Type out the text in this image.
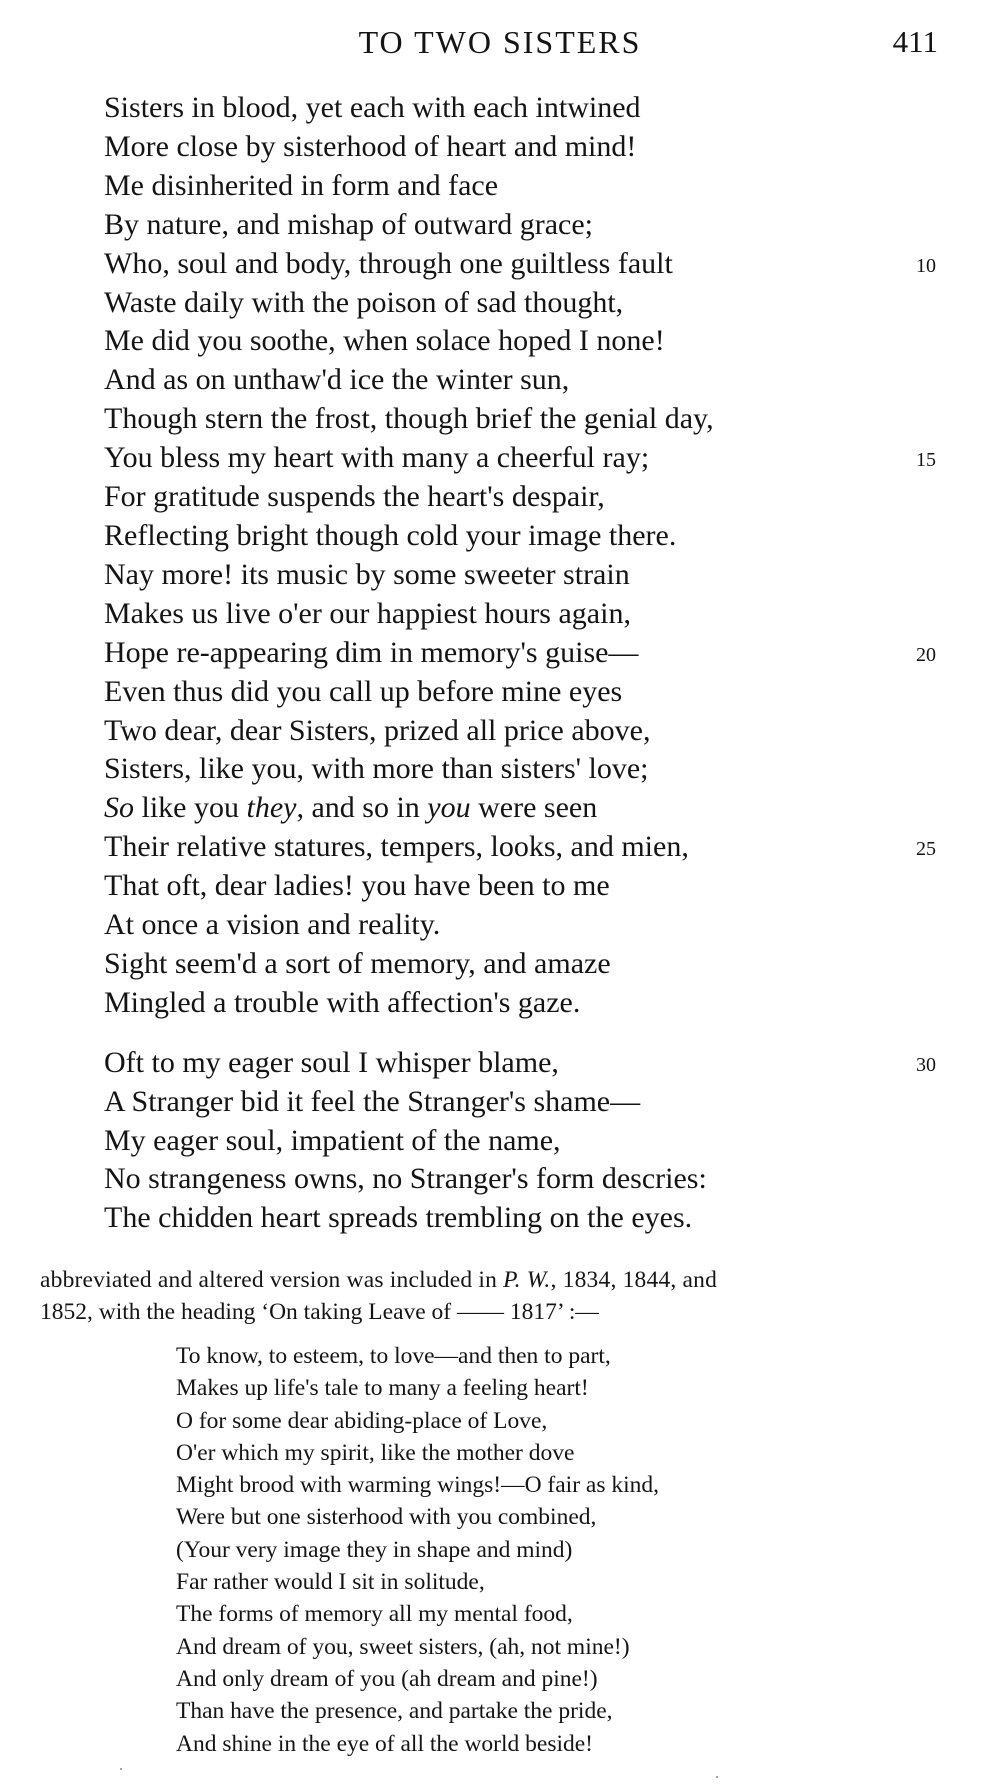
TO TWO SISTERS	411
Sisters in blood, yet each with each intwined
More close by sisterhood of heart and mind!
Me disinherited in form and face
By nature, and mishap of outward grace;
Who, soul and body, through one guiltless fault	10
Waste daily with the poison of sad thought,
Me did you soothe, when solace hoped I none!
And as on unthaw'd ice the winter sun,
Though stern the frost, though brief the genial day,
You bless my heart with many a cheerful ray;	15
For gratitude suspends the heart's despair,
Reflecting bright though cold your image there.
Nay more! its music by some sweeter strain
Makes us live o'er our happiest hours again,
Hope re-appearing dim in memory's guise—	20
Even thus did you call up before mine eyes
Two dear, dear Sisters, prized all price above,
Sisters, like you, with more than sisters' love;
So like you they, and so in you were seen
Their relative statures, tempers, looks, and mien,	25
That oft, dear ladies! you have been to me
At once a vision and reality.
Sight seem'd a sort of memory, and amaze
Mingled a trouble with affection's gaze.
Oft to my eager soul I whisper blame,	30
A Stranger bid it feel the Stranger's shame—
My eager soul, impatient of the name,
No strangeness owns, no Stranger's form descries:
The chidden heart spreads trembling on the eyes.

abbreviated and altered version was included in P. W., 1834, 1844, and

1852, with the heading ‘On taking Leave of —— 1817’ :—

To know, to esteem, to love—and then to part,
Makes up life's tale to many a feeling heart!
O for some dear abiding-place of Love,
O'er which my spirit, like the mother dove
Might brood with warming wings!—O fair as kind,
Were but one sisterhood with you combined,
(Your very image they in shape and mind)
Far rather would I sit in solitude,
The forms of memory all my mental food,
And dream of you, sweet sisters, (ah, not mine!)
And only dream of you (ah dream and pine!)
Than have the presence, and partake the pride,
And shine in the eye of all the world beside!
